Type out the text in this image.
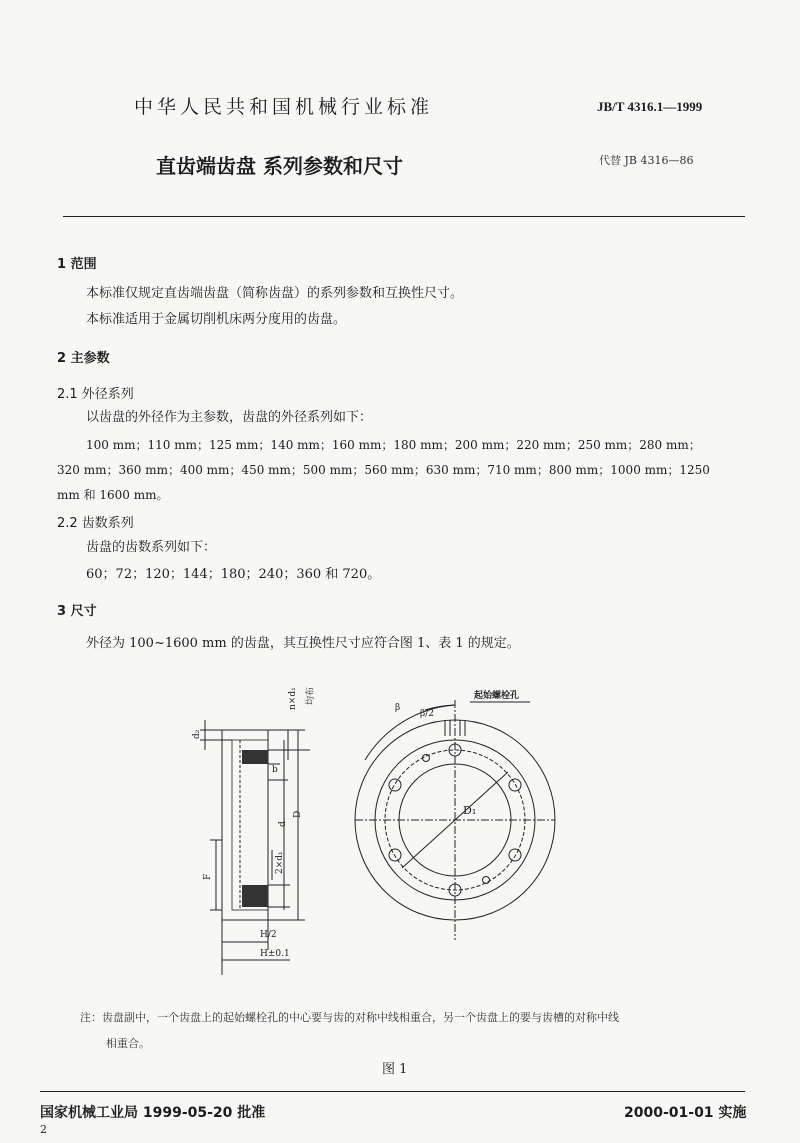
中华人民共和国机械行业标准	JB/T 4316.1—1999
直齿端齿盘 系列参数和尺寸	代替 JB 4316—86
1 范围
本标准仅规定直齿端齿盘（简称齿盘）的系列参数和互换性尺寸。
本标准适用于金属切削机床两分度用的齿盘。
2 主参数
2.1 外径系列
以齿盘的外径作为主参数，齿盘的外径系列如下：
100 mm；110 mm；125 mm；140 mm；160 mm；180 mm；200 mm；220 mm；250 mm；280 mm；
320 mm；360 mm；400 mm；450 mm；500 mm；560 mm；630 mm；710 mm；800 mm；1000 mm；1250
mm 和 1600 mm。
2.2 齿数系列
齿盘的齿数系列如下：
60；72；120；144；180；240；360 和 720。
3 尺寸
外径为 100~1600 mm 的齿盘，其互换性尺寸应符合图 1、表 1 的规定。
d₂
n×d₁ 均布
b
d
D
2×d₁
F
H/2
H±0.1
β
β/2
起始螺栓孔
D₁
注：齿盘副中，一个齿盘上的起始螺栓孔的中心要与齿的对称中线相重合，另一个齿盘上的要与齿槽的对称中线
相重合。
图 1
国家机械工业局 1999-05-20 批准	2000-01-01 实施
2
